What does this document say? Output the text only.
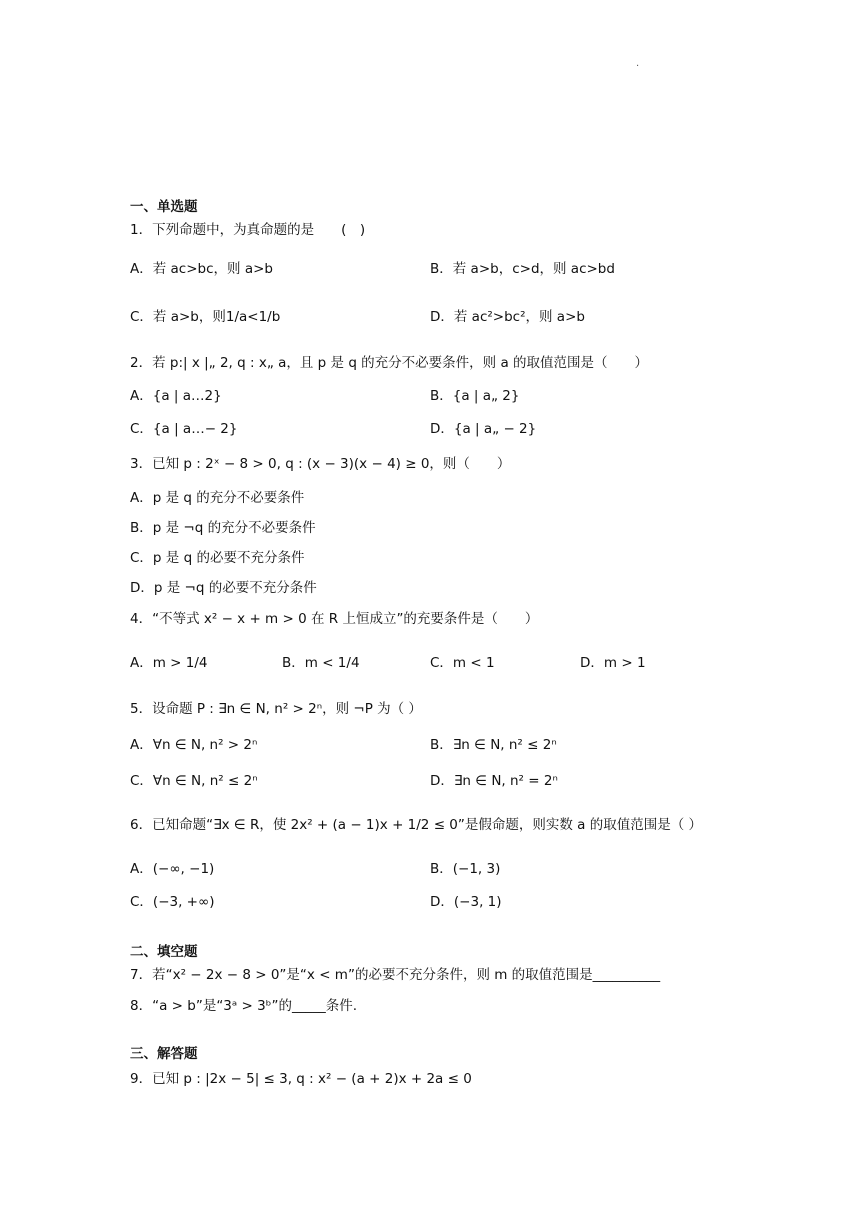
.
一、单选题
1．下列命题中，为真命题的是　　(　)
A．若 ac>bc，则 a>b	B．若 a>b，c>d，则 ac>bd
C．若 a>b，则1/a<1/b	D．若 ac²>bc²，则 a>b
2．若 p:| x |„ 2, q : x„ a，且 p 是 q 的充分不必要条件，则 a 的取值范围是（　　）
A．{a | a…2}	B．{a | a„ 2}
C．{a | a…− 2}	D．{a | a„ − 2}
3．已知 p : 2ˣ − 8 > 0, q : (x − 3)(x − 4) ≥ 0，则（　　）
A．p 是 q 的充分不必要条件
B．p 是 ¬q 的充分不必要条件
C．p 是 q 的必要不充分条件
D．p 是 ¬q 的必要不充分条件
4．“不等式 x² − x + m > 0 在 R 上恒成立”的充要条件是（　　）
A．m > 1/4	B．m < 1/4	C．m < 1	D．m > 1
5．设命题 P : ∃n ∈ N, n² > 2ⁿ，则 ¬P 为（ ）
A．∀n ∈ N, n² > 2ⁿ	B．∃n ∈ N, n² ≤ 2ⁿ
C．∀n ∈ N, n² ≤ 2ⁿ	D．∃n ∈ N, n² = 2ⁿ
6．已知命题“∃x ∈ R，使 2x² + (a − 1)x + 1/2 ≤ 0”是假命题，则实数 a 的取值范围是（ ）
A．(−∞, −1)	B．(−1, 3)
C．(−3, +∞)	D．(−3, 1)
二、填空题
7．若“x² − 2x − 8 > 0”是“x < m”的必要不充分条件，则 m 的取值范围是__________
8．“a > b”是“3ᵃ > 3ᵇ”的_____条件.
三、解答题
9．已知 p : |2x − 5| ≤ 3, q : x² − (a + 2)x + 2a ≤ 0
